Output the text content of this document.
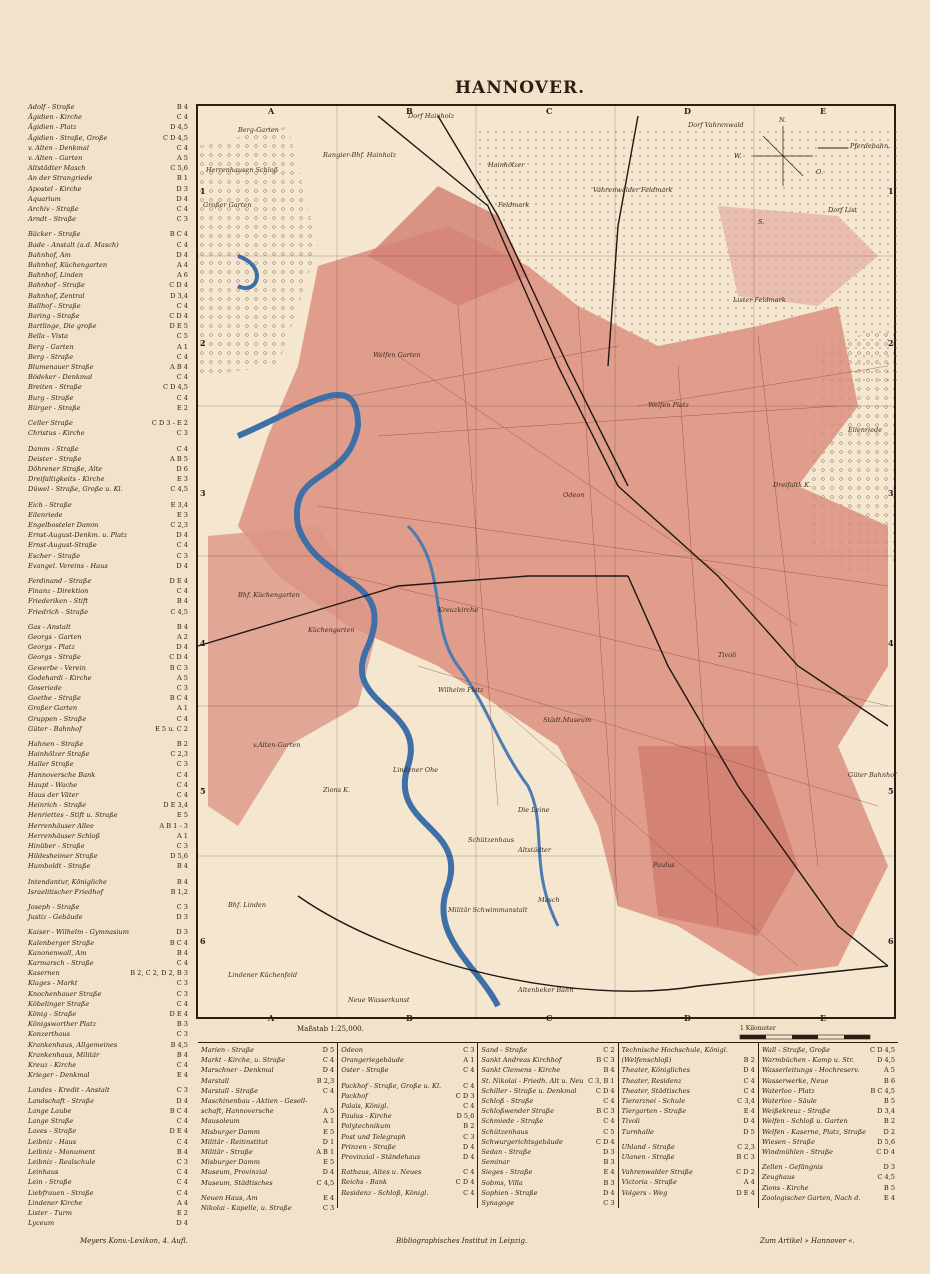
HANNOVER.
Adolf - Straße	B 4
Ägidien - Kirche	C 4
Ägidien - Platz	D 4,5
Ägidien - Straße, Große	C D 4,5
v. Alten - Denkmal	C 4
v. Alten - Garten	A 5
Altstädter Masch	C 5,6
An der Strangriede	B 1
Apostel - Kirche	D 3
Aquarium	D 4
Archiv - Straße	C 4
Arndt - Straße	C 3
Bäcker - Straße	B C 4
Bade - Anstalt (a.d. Masch)	C 4
Bahnhof, Am	D 4
Bahnhof, Küchengarten	A 4
Bahnhof, Linden	A 6
Bahnhof - Straße	C D 4
Bahnhof, Zentral	D 3,4
Ballhof - Straße	C 4
Baring - Straße	C D 4
Bartlinge, Die große	D E 5
Bella - Vista	C 5
Berg - Garten	A 1
Berg - Straße	C 4
Blumenauer Straße	A B 4
Bödeker - Denkmal	C 4
Breiten - Straße	C D 4,5
Burg - Straße	C 4
Bürger - Straße	E 2
Celler Straße	C D 3 - E 2
Christus - Kirche	C 3
Damm - Straße	C 4
Deister - Straße	A B 5
Döhrener Straße, Alte	D 6
Dreifaltigkeits - Kirche	E 3
Düwel - Straße, Große u. Kl.	C 4,5
Eich - Straße	E 3,4
Eilenriede	E 3
Engelbosteler Damm	C 2,3
Ernst-August-Denkm. u. Platz	D 4
Ernst-August-Straße	C 4
Escher - Straße	C 3
Evangel. Vereins - Haus	D 4
Ferdinand - Straße	D E 4
Finanz - Direktion	C 4
Friederiken - Stift	B 4
Friedrich - Straße	C 4,5
Gas - Anstalt	B 4
Georgs - Garten	A 2
Georgs - Platz	D 4
Georgs - Straße	C D 4
Gewerbe - Verein	B C 3
Godehardi - Kirche	A 5
Goseriede	C 3
Goethe - Straße	B C 4
Großer Garten	A 1
Gruppen - Straße	C 4
Güter - Bahnhof	E 5 u. C 2
Hahnen - Straße	B 2
Hainhölzer Straße	C 2,3
Haller Straße	C 3
Hannoversche Bank	C 4
Haupt - Wache	C 4
Haus der Väter	C 4
Heinrich - Straße	D E 3,4
Henriettes - Stift u. Straße	E 5
Herrenhäuser Allee	A B 1 - 3
Herrenhäuser Schloß	A 1
Hinüber - Straße	C 3
Hildesheimer Straße	D 5,6
Humboldt - Straße	B 4
Intendantur, Königliche	B 4
Israelitischer Friedhof	B 1,2
Joseph - Straße	C 3
Justiz - Gebäude	D 3
Kaiser - Wilhelm - Gymnasium	D 3
Kalenberger Straße	B C 4
Kanonenwall, Am	B 4
Karmarsch - Straße	C 4
Kasernen	B 2, C 2, D 2, B 3
Klages - Markt	C 3
Knochenhauer Straße	C 3
Köbelinger Straße	C 4
König - Straße	D E 4
Königsworther Platz	B 3
Konzerthaus	C 3
Krankenhaus, Allgemeines	B 4,5
Krankenhaus, Militär	B 4
Kreuz - Kirche	C 4
Krieger - Denkmal	E 4
Landes - Kredit - Anstalt	C 3
Landschaft - Straße	D 4
Lange Laube	B C 4
Lange Straße	C 4
Laves - Straße	D E 4
Leibniz - Haus	C 4
Leibniz - Monument	B 4
Leibniz - Realschule	C 3
Leinhaus	C 4
Lein - Straße	C 4
Liebfrauen - Straße	C 4
Lindener Kirche	A 4
Lister - Turm	E 2
Lyceum	D 4
Pferdebahn.
N.
S.
W.
O.
Herrenhausen Schloß
Berg-Garten
Großer Garten
Dorf Hainholz
Dorf Vahrenwald
Rangier-Bhf. Hainholz
Hainhölzer
Feldmark
Vahrenwalder Feldmark
Dorf List
Lister Feldmark
Welfen Garten
Welfen Platz
Eilenriede
Odeon
Dreifaltk.K.
Bhf. Küchengarten
Küchengarten
Kreuzkirche
Wilhelm Platz
Städt.Museum
v.Alten-Garten
Lindener Ohe
Altstädter
Masch
Die Leine
Schützenhaus
Bhf. Linden
Lindener Küchenfeld
Neue Wasserkunst
Altenbeker Bahn
Güter Bahnhof
Paulus
Tivoli
Zions K.
Militär Schwimmanstalt
A
A
B
B
C
C
D
D
E
E
1	1
2	2
3	3
4	4
5	5
6	6
Maßstab 1:25,000.	1 Kilometer
Marien - Straße	D 5
Markt - Kirche, u. Straße	C 4
Marschner - Denkmal	D 4
Marstall	B 2,3
Marstall - Straße	C 4
Maschinenbau - Aktien - Gesell-
schaft, Hannoversche	A 5
Mausoleum	A 1
Misburger Damm	E 5
Militär - Reitinstitut	D 1
Militär - Straße	A B 1
Misburger Damm	E 5
Museum, Provinzial	D 4
Museum, Städtisches	C 4,5
Neuen Haus, Am	E 4
Nikolai - Kapelle, u. Straße	C 3
Odeon	C 3
Orangeriegebäude	A 1
Oster - Straße	C 4
Packhof - Straße, Große u. Kl.	C 4
Packhof	C D 3
Palais, Königl.	C 4
Paulus - Kirche	D 5,6
Polytechnikum	B 2
Post und Telegraph	C 3
Prinzen - Straße	D 4
Provinzial - Ständehaus	D 4
Rathaus, Altes u. Neues	C 4
Reichs - Bank	C D 4
Residenz - Schloß, Königl.	C 4
Sand - Straße	C 2
Sankt Andreas Kirchhof	B C 3
Sankt Clemens - Kirche	B 4
St. Nikolai - Friedh. Alt u. Neu C 3, B 1
Schiller - Straße u. Denkmal	C D 4
Schloß - Straße	C 4
Schloßwender Straße	B C 3
Schmiede - Straße	C 4
Schützenhaus	C 5
Schwurgerichtsgebäude	C D 4
Sedan - Straße	D 3
Seminar	B 3
Sieges - Straße	E 4
Sobms, Villa	B 3
Sophien - Straße	D 4
Synagoge	C 3
Technische Hochschule, Königl.
(Welfenschloß)	B 2
Theater, Königliches	D 4
Theater, Residenz	C 4
Theater, Städtisches	C 4
Tierarznei - Schule	C 3,4
Tiergarten - Straße	E 4
Tivoli	D 4
Turnhalle	D 5
Uhland - Straße	C 2,3
Ulanen - Straße	B C 3
Vahrenwalder Straße	C D 2
Victoria - Straße	A 4
Volgers - Weg	D E 4
Wall - Straße, Große	C D 4,5
Warmbüchen - Kamp u. Str.	D 4,5
Wasserleitungs - Hochreserv.	A 5
Wasserwerke, Neue	B 6
Waterloo - Platz	B C 4,5
Waterloo - Säule	B 5
Weißekreuz - Straße	D 3,4
Welfen - Schloß u. Garten	B 2
Welfen - Kaserne, Platz, Straße	D 2
Wiesen - Straße	D 5,6
Windmühlen - Straße	C D 4
Zellen - Gefängnis	D 3
Zeughaus	C 4,5
Zions - Kirche	B 5
Zoologischer Garten, Nach d.	E 4
Meyers Konv.-Lexikon, 4. Aufl.	Bibliographisches Institut in Leipzig.	Zum Artikel » Hannover «.
